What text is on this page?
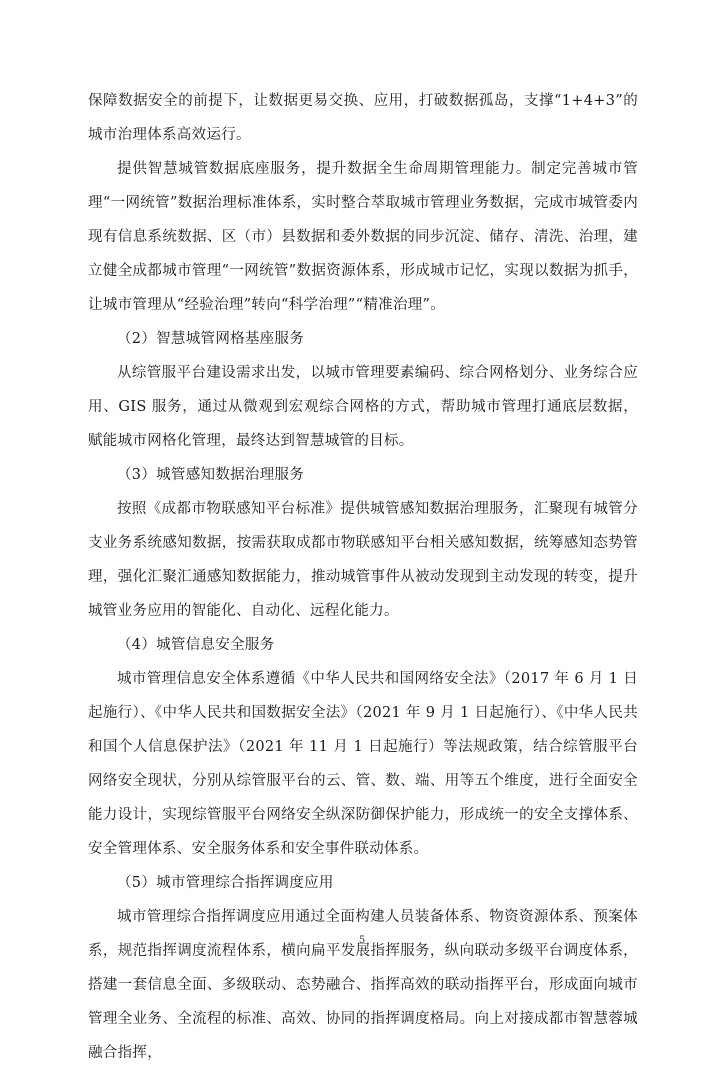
保障数据安全的前提下，让数据更易交换、应用，打破数据孤岛，支撑“1+4+3”的城市治理体系高效运行。

提供智慧城管数据底座服务，提升数据全生命周期管理能力。制定完善城市管理“一网统管”数据治理标准体系，实时整合萃取城市管理业务数据，完成市城管委内现有信息系统数据、区（市）县数据和委外数据的同步沉淀、储存、清洗、治理，建立健全成都城市管理“一网统管”数据资源体系，形成城市记忆，实现以数据为抓手，让城市管理从“经验治理”转向“科学治理”“精准治理”。

（2）智慧城管网格基座服务

从综管服平台建设需求出发，以城市管理要素编码、综合网格划分、业务综合应用、GIS 服务，通过从微观到宏观综合网格的方式，帮助城市管理打通底层数据，赋能城市网格化管理，最终达到智慧城管的目标。

（3）城管感知数据治理服务

按照《成都市物联感知平台标准》提供城管感知数据治理服务，汇聚现有城管分支业务系统感知数据，按需获取成都市物联感知平台相关感知数据，统筹感知态势管理，强化汇聚汇通感知数据能力，推动城管事件从被动发现到主动发现的转变，提升城管业务应用的智能化、自动化、远程化能力。

（4）城管信息安全服务

城市管理信息安全体系遵循《中华人民共和国网络安全法》（2017 年 6 月 1 日起施行）、《中华人民共和国数据安全法》（2021 年 9 月 1 日起施行）、《中华人民共和国个人信息保护法》（2021 年 11 月 1 日起施行）等法规政策，结合综管服平台网络安全现状，分别从综管服平台的云、管、数、端、用等五个维度，进行全面安全能力设计，实现综管服平台网络安全纵深防御保护能力，形成统一的安全支撑体系、安全管理体系、安全服务体系和安全事件联动体系。

（5）城市管理综合指挥调度应用

城市管理综合指挥调度应用通过全面构建人员装备体系、物资资源体系、预案体系，规范指挥调度流程体系，横向扁平发展指挥服务，纵向联动多级平台调度体系，搭建一套信息全面、多级联动、态势融合、指挥高效的联动指挥平台，形成面向城市管理全业务、全流程的标准、高效、协同的指挥调度格局。向上对接成都市智慧蓉城融合指挥，

5
